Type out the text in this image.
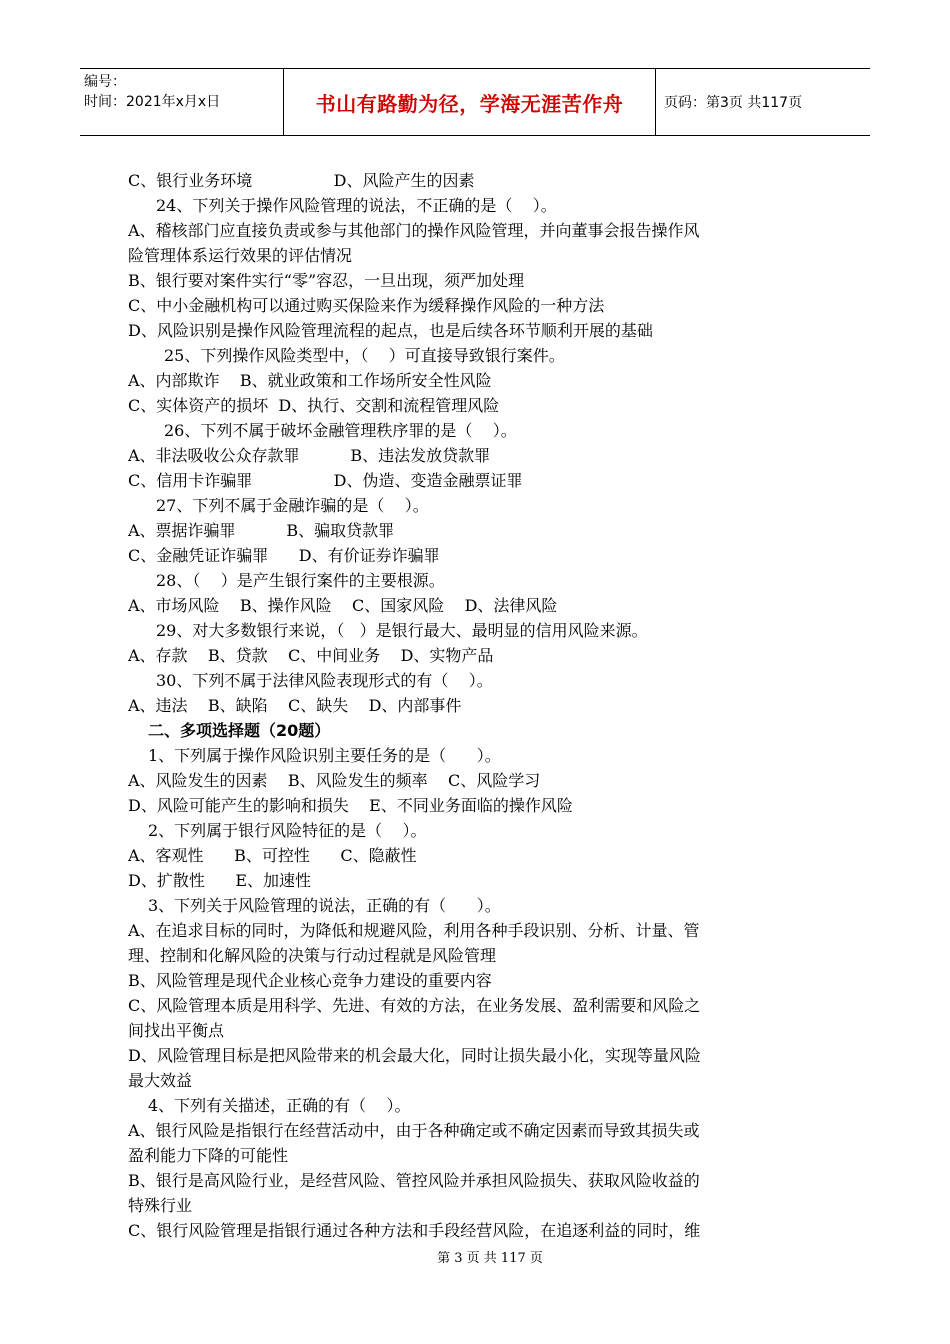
编号：
时间：2021年x月x日	书山有路勤为径，学海无涯苦作舟	页码：第3页 共117页
C、银行业务环境                D、风险产生的因素
24、下列关于操作风险管理的说法，不正确的是（    ）。
A、稽核部门应直接负责或参与其他部门的操作风险管理，并向董事会报告操作风
险管理体系运行效果的评估情况
B、银行要对案件实行“零”容忍，一旦出现，须严加处理
C、中小金融机构可以通过购买保险来作为缓释操作风险的一种方法
D、风险识别是操作风险管理流程的起点，也是后续各环节顺利开展的基础
25、下列操作风险类型中，（    ）可直接导致银行案件。
A、内部欺诈    B、就业政策和工作场所安全性风险
C、实体资产的损坏  D、执行、交割和流程管理风险
26、下列不属于破坏金融管理秩序罪的是（    ）。
A、非法吸收公众存款罪          B、违法发放贷款罪
C、信用卡诈骗罪                D、伪造、变造金融票证罪
27、下列不属于金融诈骗的是（    ）。
A、票据诈骗罪          B、骗取贷款罪
C、金融凭证诈骗罪      D、有价证券诈骗罪
28、（    ）是产生银行案件的主要根源。
A、市场风险    B、操作风险    C、国家风险    D、法律风险
29、对大多数银行来说，（   ）是银行最大、最明显的信用风险来源。
A、存款    B、贷款    C、中间业务    D、实物产品
30、下列不属于法律风险表现形式的有（    ）。
A、违法    B、缺陷    C、缺失    D、内部事件
二、多项选择题（20题）
1、下列属于操作风险识别主要任务的是（      ）。
A、风险发生的因素    B、风险发生的频率    C、风险学习
D、风险可能产生的影响和损失    E、不同业务面临的操作风险
2、下列属于银行风险特征的是（    ）。
A、客观性      B、可控性      C、隐蔽性
D、扩散性      E、加速性
3、下列关于风险管理的说法，正确的有（      ）。
A、在追求目标的同时，为降低和规避风险，利用各种手段识别、分析、计量、管
理、控制和化解风险的决策与行动过程就是风险管理
B、风险管理是现代企业核心竞争力建设的重要内容
C、风险管理本质是用科学、先进、有效的方法，在业务发展、盈利需要和风险之
间找出平衡点
D、风险管理目标是把风险带来的机会最大化，同时让损失最小化，实现等量风险
最大效益
4、下列有关描述，正确的有（    ）。
A、银行风险是指银行在经营活动中，由于各种确定或不确定因素而导致其损失或
盈利能力下降的可能性
B、银行是高风险行业，是经营风险、管控风险并承担风险损失、获取风险收益的
特殊行业
C、银行风险管理是指银行通过各种方法和手段经营风险，在追逐利益的同时，维
第 3 页 共 117 页
